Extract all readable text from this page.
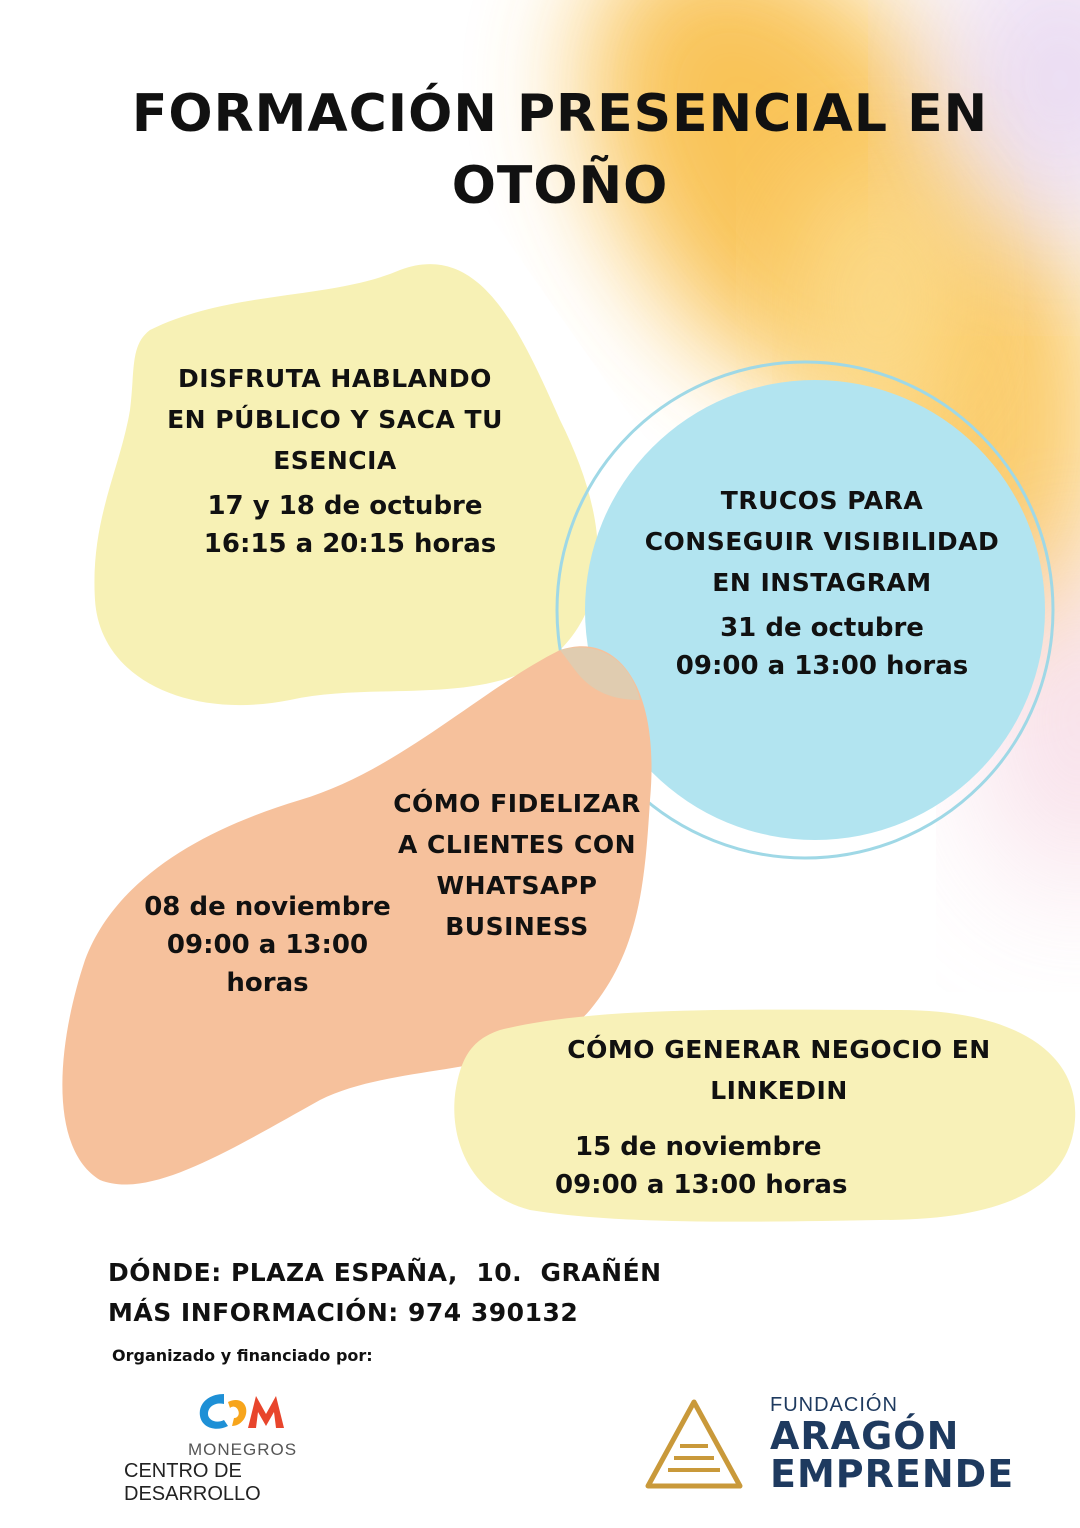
FORMACIÓN PRESENCIAL EN
OTOÑO
DISFRUTA HABLANDO
EN PÚBLICO Y SACA TU
ESENCIA
17 y 18 de octubre
16:15 a 20:15 horas
TRUCOS PARA
CONSEGUIR VISIBILIDAD
EN INSTAGRAM
31 de octubre
09:00 a 13:00 horas
CÓMO FIDELIZAR
A CLIENTES CON
WHATSAPP
BUSINESS
08 de noviembre
09:00 a 13:00
horas
CÓMO GENERAR NEGOCIO EN
LINKEDIN
15 de noviembre
09:00 a 13:00 horas
DÓNDE: PLAZA ESPAÑA,  10.  GRAÑÉN
MÁS INFORMACIÓN: 974 390132
Organizado y financiado por:
MONEGROS
CENTRO DE DESARROLLO
FUNDACIÓN
ARAGÓN
EMPRENDE
